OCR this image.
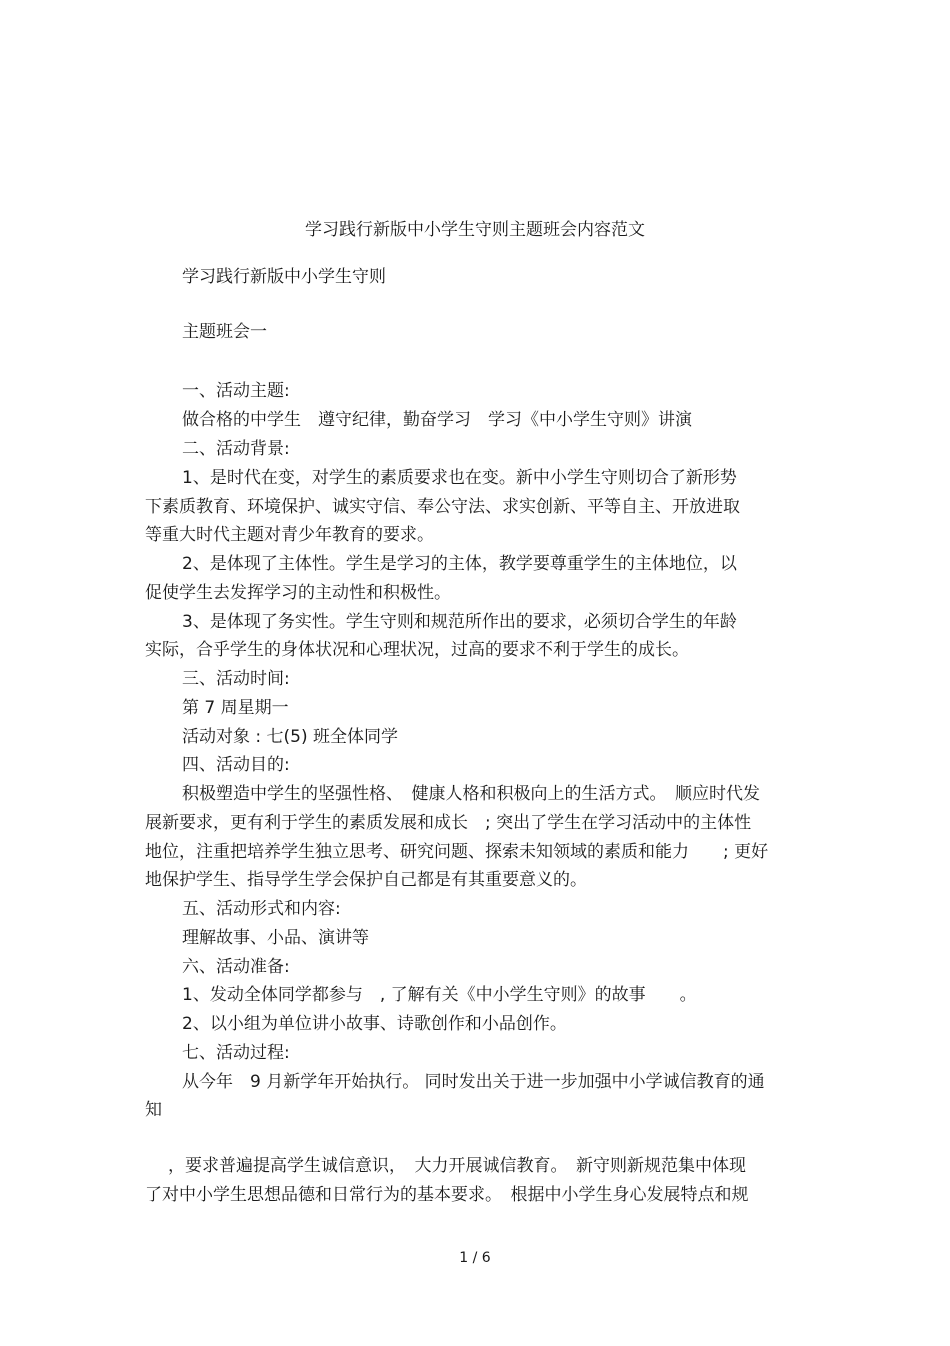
学习践行新版中小学生守则主题班会内容范文
学习践行新版中小学生守则
主题班会一
一、活动主题:
做合格的中学生　遵守纪律，勤奋学习　学习《中小学生守则》讲演
二、活动背景:
1、是时代在变，对学生的素质要求也在变。新中小学生守则切合了新形势
下素质教育、环境保护、诚实守信、奉公守法、求实创新、平等自主、开放进取
等重大时代主题对青少年教育的要求。
2、是体现了主体性。学生是学习的主体，教学要尊重学生的主体地位，以
促使学生去发挥学习的主动性和积极性。
3、是体现了务实性。学生守则和规范所作出的要求，必须切合学生的年龄
实际，合乎学生的身体状况和心理状况，过高的要求不利于学生的成长。
三、活动时间:
第 7 周星期一
活动对象 : 七(5) 班全体同学
四、活动目的:
积极塑造中学生的坚强性格、　健康人格和积极向上的生活方式。　顺应时代发
展新要求，更有利于学生的素质发展和成长　; 突出了学生在学习活动中的主体性
地位，注重把培养学生独立思考、研究问题、探索未知领域的素质和能力　　; 更好
地保护学生、指导学生学会保护自己都是有其重要意义的。
五、活动形式和内容:
理解故事、小品、演讲等
六、活动准备:
1、发动全体同学都参与　, 了解有关《中小学生守则》的故事　　。
2、以小组为单位讲小故事、诗歌创作和小品创作。
七、活动过程:
从今年　9 月新学年开始执行。 同时发出关于进一步加强中小学诚信教育的通
知
，要求普遍提高学生诚信意识，　大力开展诚信教育。　新守则新规范集中体现
了对中小学生思想品德和日常行为的基本要求。　根据中小学生身心发展特点和规
1 / 6
